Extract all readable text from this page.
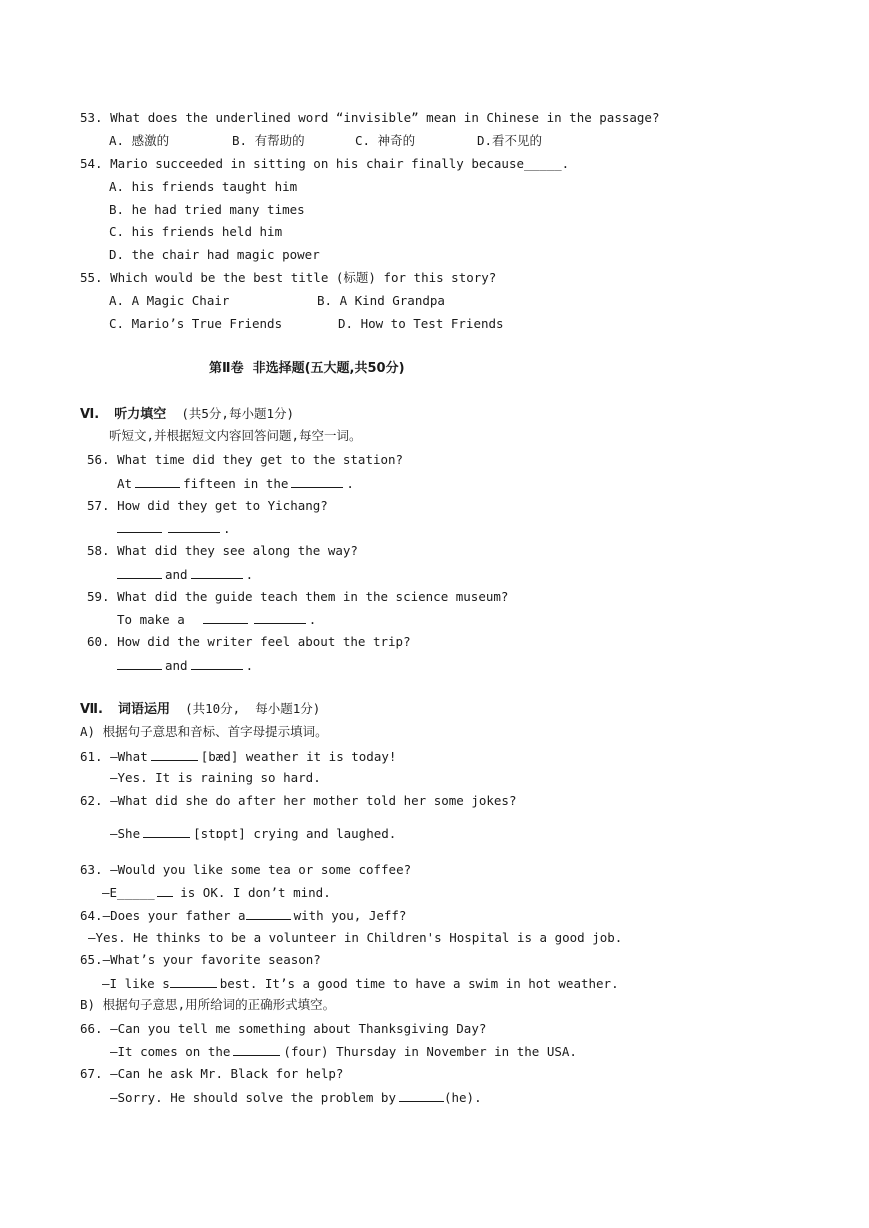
53. What does the underlined word “invisible” mean in Chinese in the passage?
A. 感激的	B. 有帮助的	C. 神奇的	D.看不见的
54. Mario succeeded in sitting on his chair finally because_____.
A. his friends taught him
B. he had tried many times
C. his friends held him
D. the chair had magic power
55. Which would be the best title (标题) for this story?
A. A Magic Chair	B. A Kind Grandpa
C. Mario’s True Friends	D. How to Test Friends
第Ⅱ卷  非选择题(五大题,共50分)
Ⅵ. 听力填空 (共5分,每小题1分)
听短文,并根据短文内容回答问题,每空一词。
56. What time did they get to the station?
At	fifteen in the	.
57. How did they get to Yichang?
.
58. What did they see along the way?
and	.
59. What did the guide teach them in the science museum?
To make a	.
60. How did the writer feel about the trip?
and	.
Ⅶ. 词语运用 (共10分,  每小题1分)
A) 根据句子意思和音标、首字母提示填词。
61. —What	[bæd] weather it is today!
—Yes. It is raining so hard.
62. —What did she do after her mother told her some jokes?
—She	[stɒpt] crying and laughed.
63. —Would you like some tea or some coffee?
—E_____ is OK. I don’t mind.
64.—Does your father a	with you, Jeff?
—Yes. He thinks to be a volunteer in Children's Hospital is a good job.
65.—What’s your favorite season?
—I like s	best. It’s a good time to have a swim in hot weather.
B) 根据句子意思,用所给词的正确形式填空。
66. —Can you tell me something about Thanksgiving Day?
—It comes on the	(four) Thursday in November in the USA.
67. —Can he ask Mr. Black for help?
—Sorry. He should solve the problem by	(he).
